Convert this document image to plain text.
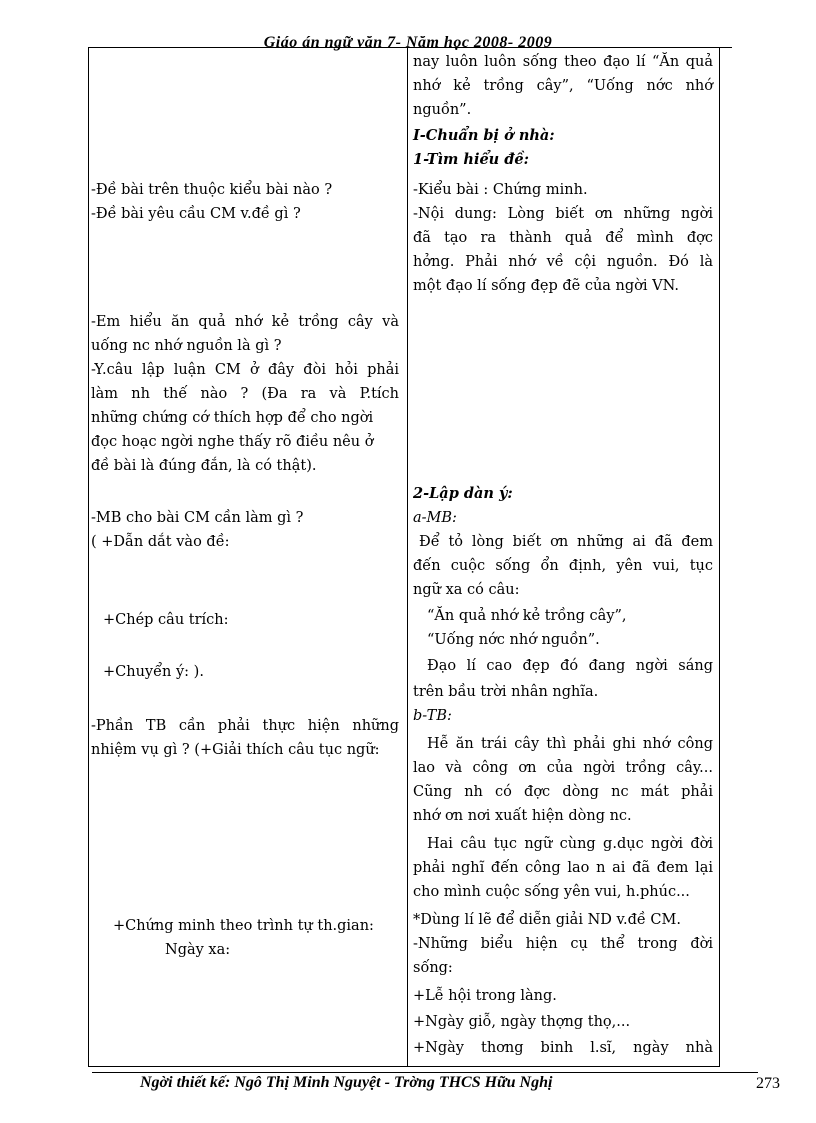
Giáo án ngữ văn 7- Năm học 2008- 2009
-Đề bài trên thuộc kiểu bài nào ?
-Đề bài yêu cầu CM v.đề gì ?
-Em hiểu ăn quả nhớ kẻ trồng cây và
uống nc nhớ nguồn là gì ?
-Y.câu lập luận CM ở đây đòi hỏi phải
làm nh thế nào ? (Đa ra và P.tích
những chứng cớ thích hợp để cho ngời
đọc hoạc ngời nghe thấy rõ điều nêu ở
đề bài là đúng đắn, là có thật).
-MB cho bài CM cần làm gì ?
( +Dẫn dắt vào đề:
+Chép câu trích:
+Chuyển ý: ).
-Phần TB cần phải thực hiện những
nhiệm vụ gì ? (+Giải thích câu tục ngữ:
+Chứng minh theo trình tự th.gian:
Ngày xa:
nay luôn luôn sống theo đạo lí “Ăn quả
nhớ kẻ trồng cây”, “Uống nớc nhớ
nguồn”.
I-Chuẩn bị ở nhà:
1-Tìm hiểu đề:
-Kiểu bài : Chứng minh.
-Nội dung: Lòng biết ơn những ngời
đã tạo ra thành quả để mình đợc
hởng. Phải nhớ về cội nguồn. Đó là
một đạo lí sống đẹp đẽ của ngời VN.
2-Lập dàn ý:
a-MB:
Để tỏ lòng biết ơn những ai đã đem
đến cuộc sống ổn định, yên vui, tục
ngữ xa có câu:
“Ăn quả nhớ kẻ trồng cây”,
“Uống nớc nhớ nguồn”.
Đạo lí cao đẹp đó đang ngời sáng
trên bầu trời nhân nghĩa.
b-TB:
Hễ ăn trái cây thì phải ghi nhớ công
lao và công ơn của ngời trồng cây...
Cũng nh có đợc dòng nc mát phải
nhớ ơn nơi xuất hiện dòng nc.
Hai câu tục ngữ cùng g.dục ngời đời
phải nghĩ đến công lao n ai đã đem lại
cho mình cuộc sống yên vui, h.phúc...
*Dùng lí lẽ để diễn giải ND v.đề CM.
-Những biểu hiện cụ thể trong đời
sống:
+Lễ hội trong làng.
+Ngày giỗ, ngày thợng thọ,...
+Ngày thơng binh l.sĩ, ngày nhà
Ngời thiết kế: Ngô Thị Minh Nguyệt - Trờng THCS Hữu Nghị	273
